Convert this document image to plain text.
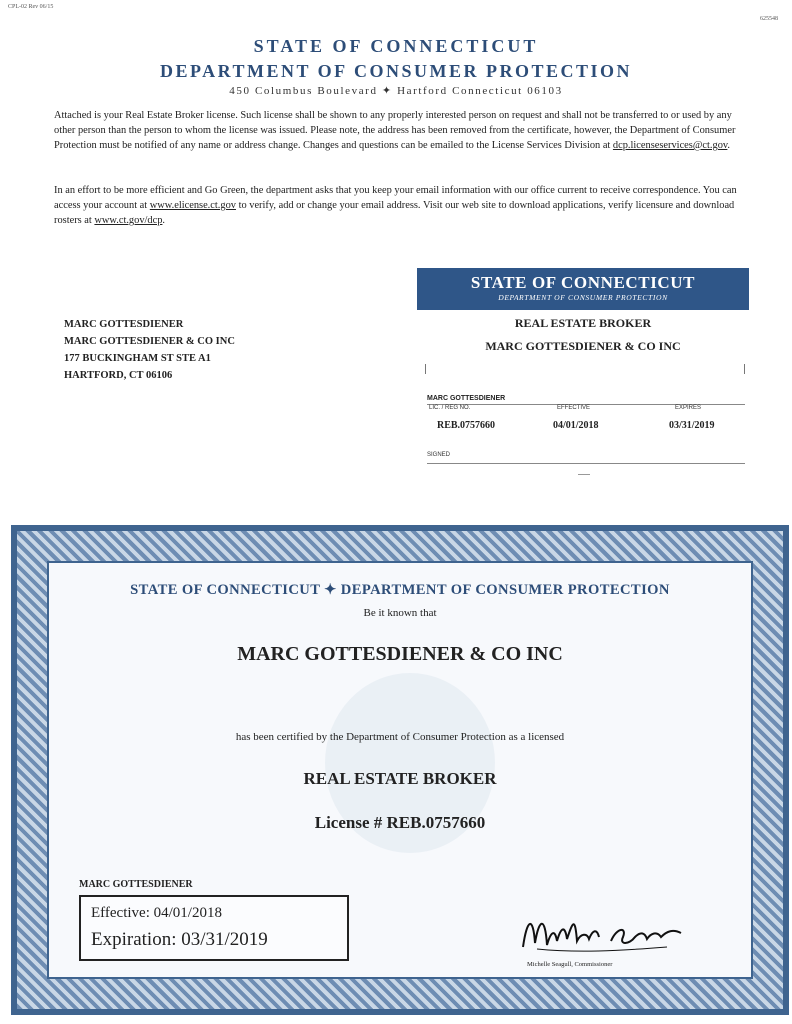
CPL-02 Rev 06/15
625548
STATE OF CONNECTICUT
DEPARTMENT OF CONSUMER PROTECTION
450 Columbus Boulevard ✦ Hartford Connecticut 06103

Attached is your Real Estate Broker license. Such license shall be shown to any properly interested person on request and shall not be transferred to or used by any other person than the person to whom the license was issued. Please note, the address has been removed from the certificate, however, the Department of Consumer Protection must be notified of any name or address change. Changes and questions can be emailed to the License Services Division at dcp.licenseservices@ct.gov.

In an effort to be more efficient and Go Green, the department asks that you keep your email information with our office current to receive correspondence. You can access your account at www.elicense.ct.gov to verify, add or change your email address. Visit our web site to download applications, verify licensure and download rosters at www.ct.gov/dcp.

MARC GOTTESDIENER
MARC GOTTESDIENER & CO INC
177 BUCKINGHAM ST STE A1
HARTFORD, CT 06106
STATE OF CONNECTICUT
DEPARTMENT OF CONSUMER PROTECTION
REAL ESTATE BROKER
MARC GOTTESDIENER & CO INC
MARC GOTTESDIENER
LIC. / REG NO.	EFFECTIVE	EXPIRES
REB.0757660	04/01/2018	03/31/2019
SIGNED
STATE OF CONNECTICUT ✦ DEPARTMENT OF CONSUMER PROTECTION
Be it known that
MARC GOTTESDIENER & CO INC
has been certified by the Department of Consumer Protection as a licensed
REAL ESTATE BROKER
License # REB.0757660
MARC GOTTESDIENER
Effective: 04/01/2018
Expiration: 03/31/2019
Michelle Seagull, Commissioner
